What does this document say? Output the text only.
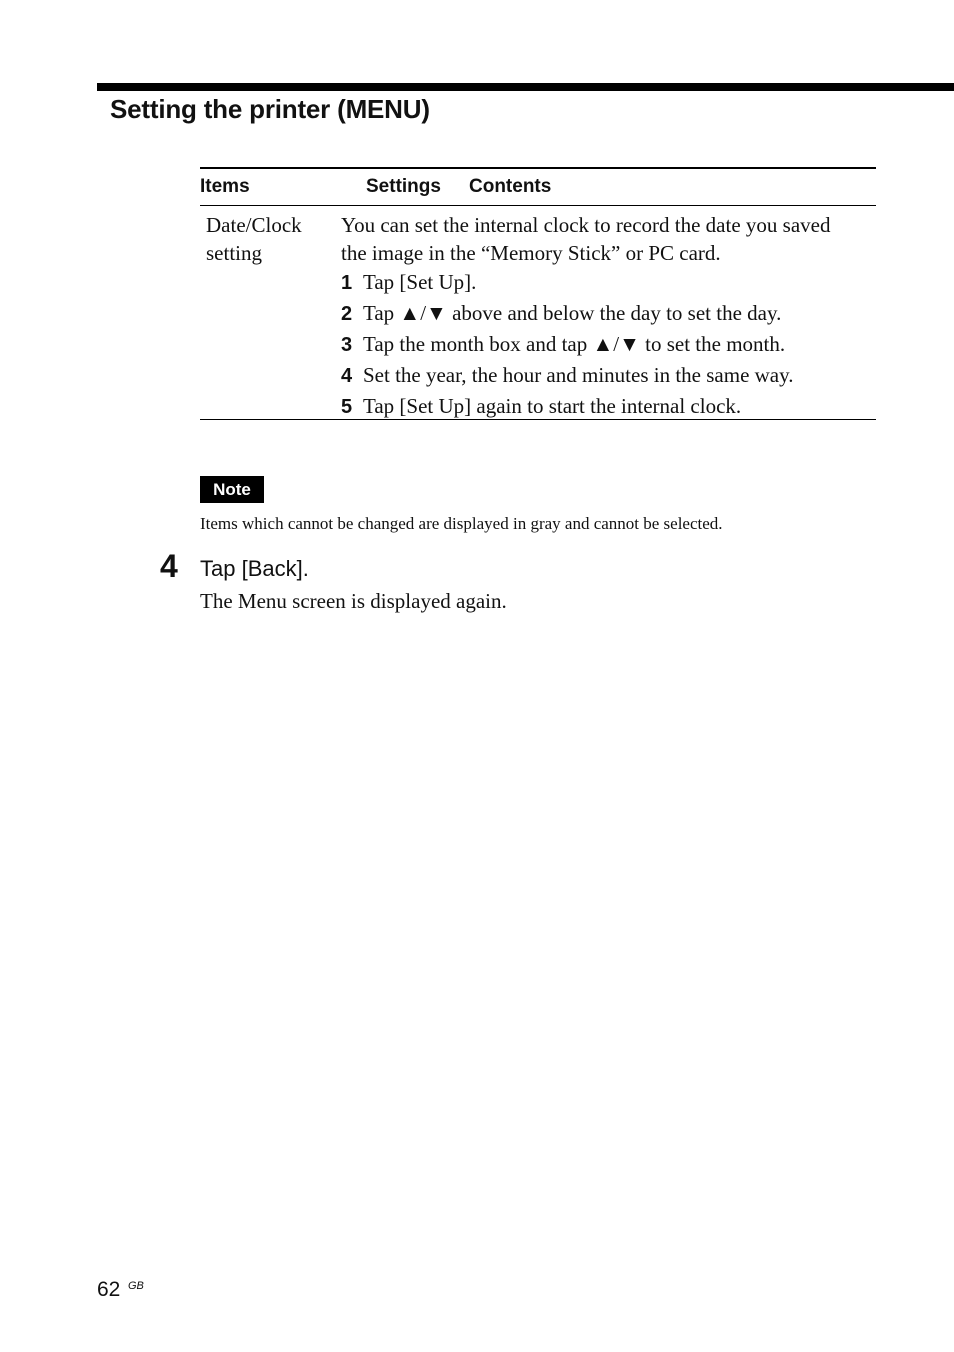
Setting the printer (MENU)
Items	Settings Contents
Date/Clock
setting
You can set the internal clock to record the date you saved
the image in the “Memory Stick” or PC card.
1 Tap [Set Up].
2 Tap ▲/▼ above and below the day to set the day.
3 Tap the month box and tap ▲/▼ to set the month.
4 Set the year, the hour and minutes in the same way.
5 Tap [Set Up] again to start the internal clock.
Note
Items which cannot be changed are displayed in gray and cannot be selected.
4 Tap [Back].
The Menu screen is displayed again.
62 GB
